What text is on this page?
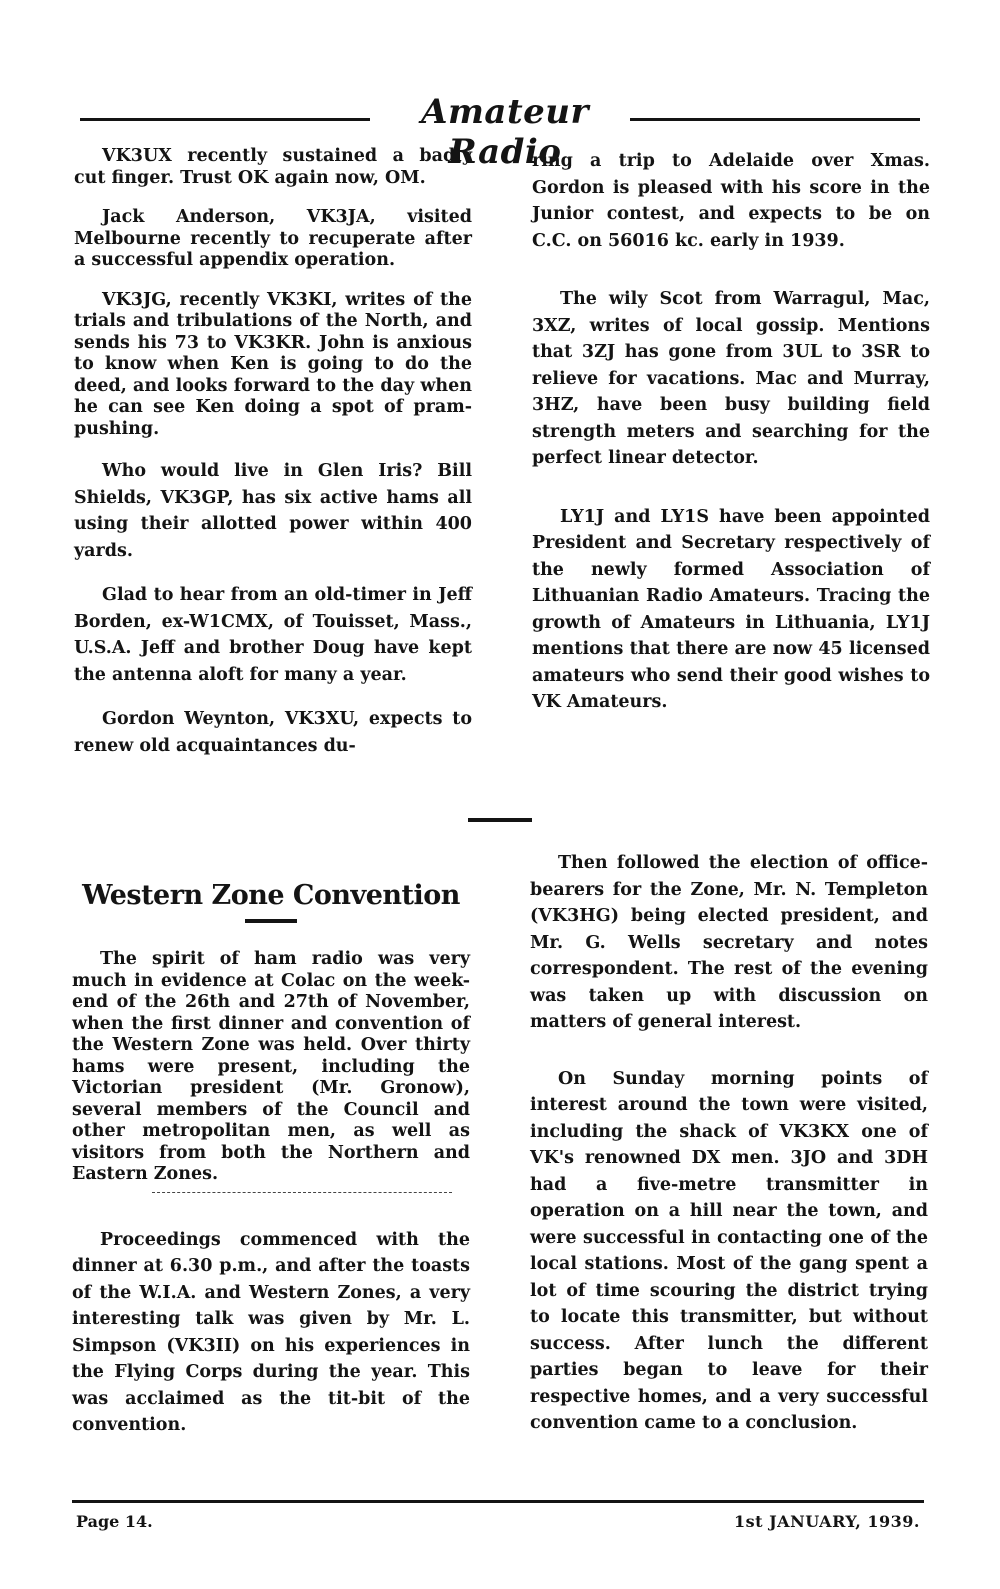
Amateur Radio

VK3UX recently sustained a badly cut finger. Trust OK again now, OM.

Jack Anderson, VK3JA, visited Melbourne recently to recuperate after a successful appendix operation.

VK3JG, recently VK3KI, writes of the trials and tribulations of the North, and sends his 73 to VK3KR. John is anxious to know when Ken is going to do the deed, and looks forward to the day when he can see Ken doing a spot of pram-pushing.

Who would live in Glen Iris? Bill Shields, VK3GP, has six active hams all using their allotted power within 400 yards.

Glad to hear from an old-timer in Jeff Borden, ex-W1CMX, of Touisset, Mass., U.S.A. Jeff and brother Doug have kept the antenna aloft for many a year.

Gordon Weynton, VK3XU, expects to renew old acquaintances du-

ring a trip to Adelaide over Xmas. Gordon is pleased with his score in the Junior contest, and expects to be on C.C. on 56016 kc. early in 1939.

The wily Scot from Warragul, Mac, 3XZ, writes of local gossip. Mentions that 3ZJ has gone from 3UL to 3SR to relieve for vacations. Mac and Murray, 3HZ, have been busy building field strength meters and searching for the perfect linear detector.

LY1J and LY1S have been appointed President and Secretary respectively of the newly formed Association of Lithuanian Radio Amateurs. Tracing the growth of Amateurs in Lithuania, LY1J mentions that there are now 45 licensed amateurs who send their good wishes to VK Amateurs.

Western Zone Convention

The spirit of ham radio was very much in evidence at Colac on the week-end of the 26th and 27th of November, when the first dinner and convention of the Western Zone was held. Over thirty hams were present, including the Victorian president (Mr. Gronow), several members of the Council and other metropolitan men, as well as visitors from both the Northern and Eastern Zones.

Proceedings commenced with the dinner at 6.30 p.m., and after the toasts of the W.I.A. and Western Zones, a very interesting talk was given by Mr. L. Simpson (VK3II) on his experiences in the Flying Corps during the year. This was acclaimed as the tit-bit of the convention.

Then followed the election of office-bearers for the Zone, Mr. N. Templeton (VK3HG) being elected president, and Mr. G. Wells secretary and notes correspondent. The rest of the evening was taken up with discussion on matters of general interest.

On Sunday morning points of interest around the town were visited, including the shack of VK3KX one of VK's renowned DX men. 3JO and 3DH had a five-metre transmitter in operation on a hill near the town, and were successful in contacting one of the local stations. Most of the gang spent a lot of time scouring the district trying to locate this transmitter, but without success. After lunch the different parties began to leave for their respective homes, and a very successful convention came to a conclusion.

Page 14.	1st JANUARY, 1939.
